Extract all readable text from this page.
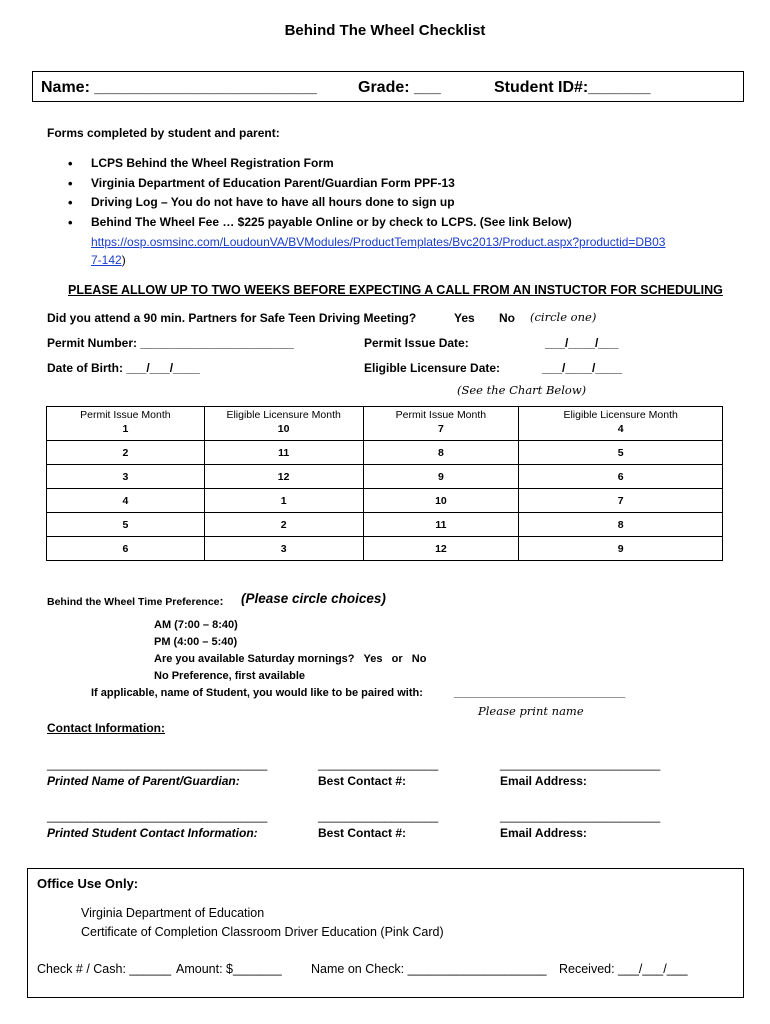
Behind The Wheel Checklist
Name: _________________________	Grade: ___	Student ID#:_______
Forms completed by student and parent:
• LCPS Behind the Wheel Registration Form
• Virginia Department of Education Parent/Guardian Form PPF-13
• Driving Log – You do not have to have all hours done to sign up
• Behind The Wheel Fee … $225 payable Online or by check to LCPS. (See link Below)
https://osp.osmsinc.com/LoudounVA/BVModules/ProductTemplates/Bvc2013/Product.aspx?productid=DB03
7-142)
PLEASE ALLOW UP TO TWO WEEKS BEFORE EXPECTING A CALL FROM AN INSTUCTOR FOR SCHEDULING
Did you attend a 90 min. Partners for Safe Teen Driving Meeting?	Yes No (circle one)
Permit Number: _______________________	Permit Issue Date:	___/____/___
Date of Birth: ___/___/____	Eligible Licensure Date:	___/____/____
(See the Chart Below)
Permit Issue Month	Eligible Licensure Month	Permit Issue Month	Eligible Licensure Month
1	10	7	4
2	11	8	5
3	12	9	6
4	1	10	7
5	2	11	8
6	3	12	9
Behind the Wheel Time Preference: (Please circle choices)
AM (7:00 – 8:40)
PM (4:00 – 5:40)
Are you available Saturday mornings?   Yes   or   No
No Preference, first available
If applicable, name of Student, you would like to be paired with:	____________________________
Please print name
Contact Information:
_________________________________	__________________	________________________
Printed Name of Parent/Guardian:	Best Contact #:	Email Address:
_________________________________	__________________	________________________
Printed Student Contact Information:	Best Contact #:	Email Address:
Office Use Only:
Virginia Department of Education
Certificate of Completion Classroom Driver Education (Pink Card)
Check # / Cash: ______ Amount: $_______ Name on Check: ____________________ Received: ___/___/___
